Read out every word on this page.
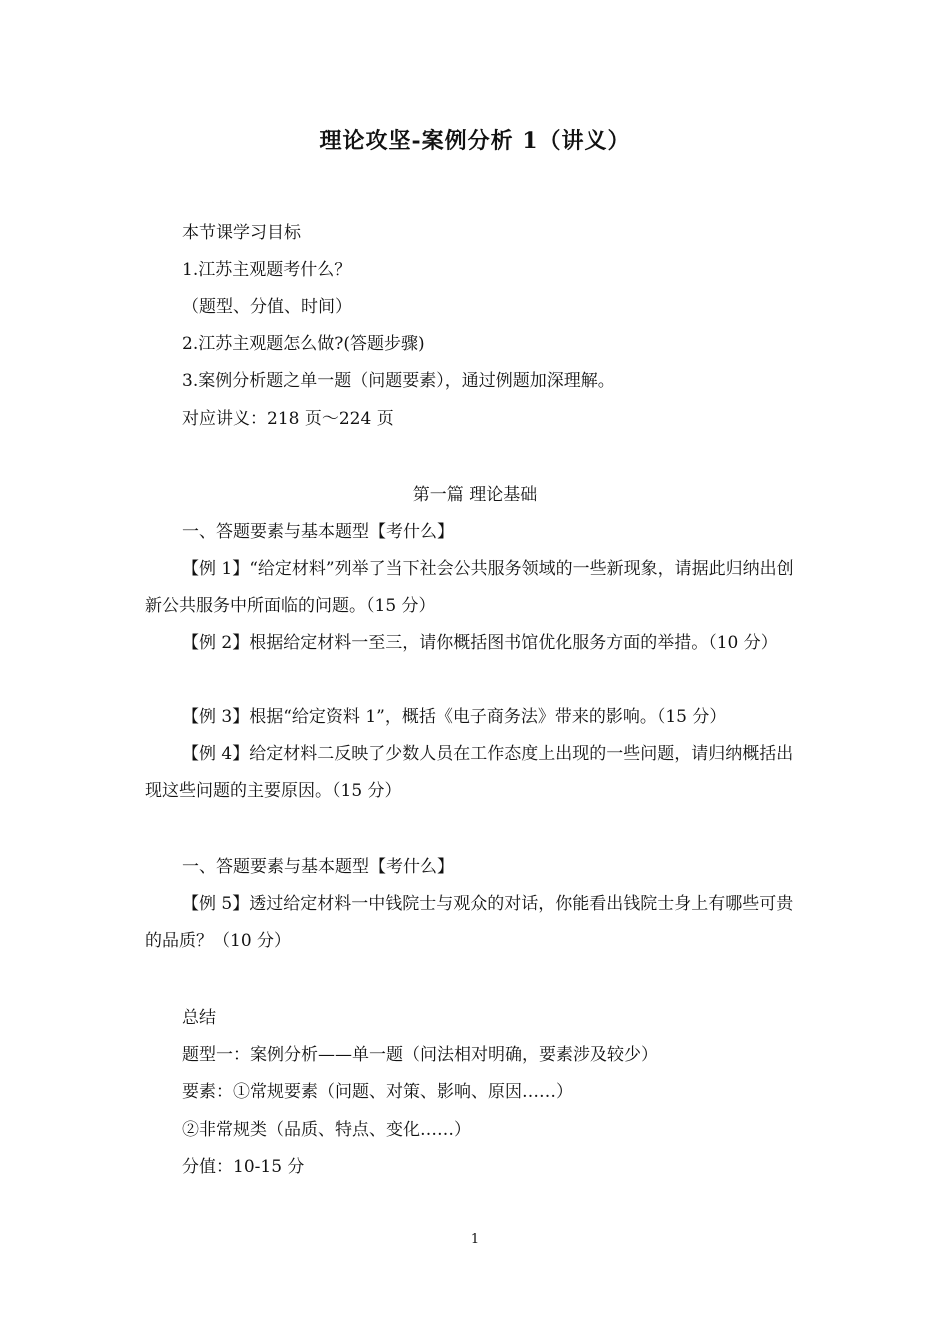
理论攻坚-案例分析 1（讲义）
本节课学习目标
1.江苏主观题考什么？
（题型、分值、时间）
2.江苏主观题怎么做?(答题步骤)
3.案例分析题之单一题（问题要素），通过例题加深理解。
对应讲义：218 页～224 页
第一篇 理论基础
一、答题要素与基本题型【考什么】
【例 1】“给定材料”列举了当下社会公共服务领域的一些新现象，请据此归纳出创新公共服务中所面临的问题。（15 分）
【例 2】根据给定材料一至三，请你概括图书馆优化服务方面的举措。（10 分）
【例 3】根据“给定资料 1”，概括《电子商务法》带来的影响。（15 分）
【例 4】给定材料二反映了少数人员在工作态度上出现的一些问题，请归纳概括出现这些问题的主要原因。（15 分）
一、答题要素与基本题型【考什么】
【例 5】透过给定材料一中钱院士与观众的对话，你能看出钱院士身上有哪些可贵的品质？（10 分）
总结
题型一：案例分析——单一题（问法相对明确，要素涉及较少）
要素：①常规要素（问题、对策、影响、原因……）
②非常规类（品质、特点、变化……）
分值：10-15 分
1
